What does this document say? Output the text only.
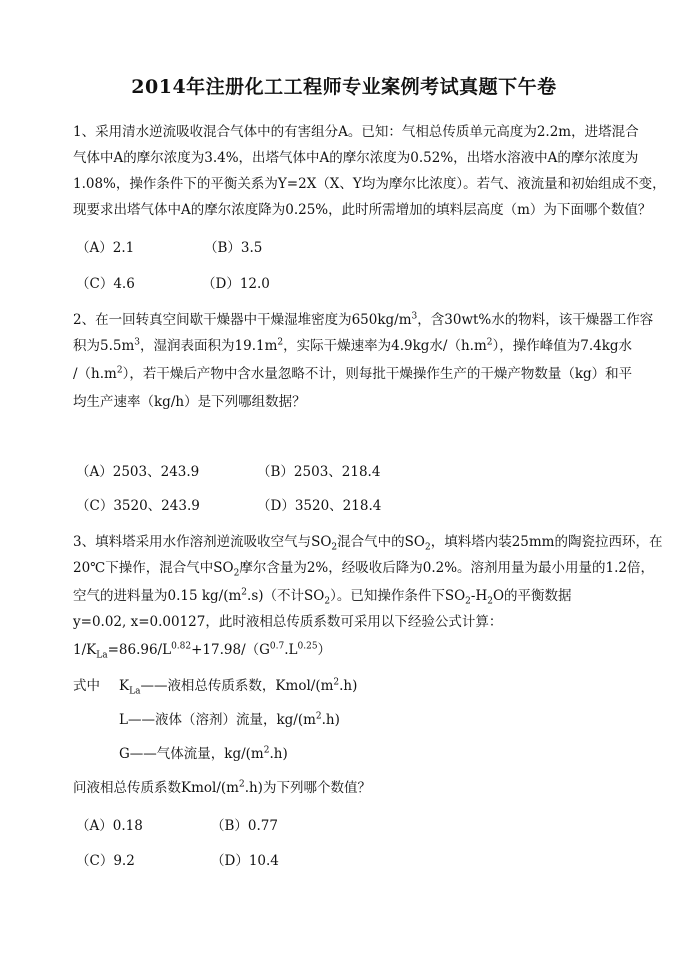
2014年注册化工工程师专业案例考试真题下午卷
1、采用清水逆流吸收混合气体中的有害组分A。已知：气相总传质单元高度为2.2m，进塔混合
气体中A的摩尔浓度为3.4%，出塔气体中A的摩尔浓度为0.52%，出塔水溶液中A的摩尔浓度为
1.08%，操作条件下的平衡关系为Y=2X（X、Y均为摩尔比浓度）。若气、液流量和初始组成不变，
现要求出塔气体中A的摩尔浓度降为0.25%，此时所需增加的填料层高度（m）为下面哪个数值？
（A）2.1	（B）3.5
（C）4.6	（D）12.0
2、在一回转真空间歇干燥器中干燥湿堆密度为$650kg/m^3$，含30wt%水的物料，该干燥器工作容
积为$5.5m^3$，湿润表面积为$19.1m^2$，实际干燥速率为4.9kg水$/(h.m^2)$，操作峰值为7.4kg水
$/(h.m^2)$，若干燥后产物中含水量忽略不计，则每批干燥操作生产的干燥产物数量（kg）和平
均生产速率（kg/h）是下列哪组数据？
（A）2503、243.9	（B）2503、218.4
（C）3520、243.9	（D）3520、218.4
3、填料塔采用水作溶剂逆流吸收空气与$SO_2$混合气中的$SO_2$，填料塔内装25mm的陶瓷拉西环，在
20℃下操作，混合气中$SO_2$摩尔含量为2%，经吸收后降为0.2%。溶剂用量为最小用量的1.2倍，
空气的进料量为0.15 $kg/(m^2.s)$（不计$SO_2$）。已知操作条件下$SO_2-H_2O$的平衡数据
y=0.02, x=0.00127，此时液相总传质系数可采用以下经验公式计算：
$1/K_{La}=86.96/L^{0.82}+17.98/(G^{0.7}.L^{0.25})$
式中 $K_{La}——$液相总传质系数，Kmol/$(m^2.h)$
L——液体（溶剂）流量，$kg/(m^2.h)$
G——气体流量，$kg/(m^2.h)$
问液相总传质系数Kmol/$(m^2.h)$为下列哪个数值？
（A）0.18	（B）0.77
（C）9.2	（D）10.4
